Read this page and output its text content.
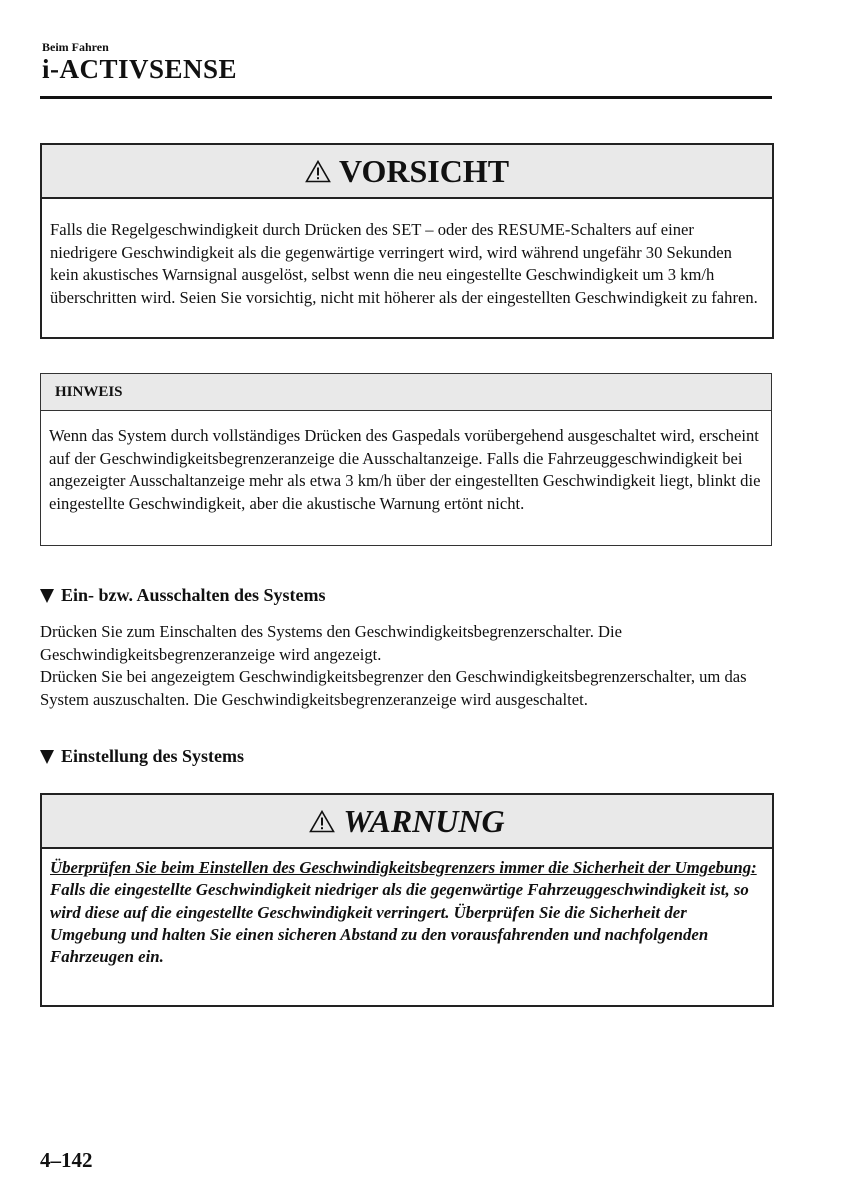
Beim Fahren
i-ACTIVSENSE
VORSICHT
Falls die Regelgeschwindigkeit durch Drücken des SET – oder des RESUME-Schalters auf einer niedrigere Geschwindigkeit als die gegenwärtige verringert wird, wird während ungefähr 30 Sekunden kein akustisches Warnsignal ausgelöst, selbst wenn die neu eingestellte Geschwindigkeit um 3 km/h überschritten wird. Seien Sie vorsichtig, nicht mit höherer als der eingestellten Geschwindigkeit zu fahren.
HINWEIS
Wenn das System durch vollständiges Drücken des Gaspedals vorübergehend ausgeschaltet wird, erscheint auf der Geschwindigkeitsbegrenzeranzeige die Ausschaltanzeige. Falls die Fahrzeuggeschwindigkeit bei angezeigter Ausschaltanzeige mehr als etwa 3 km/h über der eingestellten Geschwindigkeit liegt, blinkt die eingestellte Geschwindigkeit, aber die akustische Warnung ertönt nicht.
Ein- bzw. Ausschalten des Systems
Drücken Sie zum Einschalten des Systems den Geschwindigkeitsbegrenzerschalter. Die Geschwindigkeitsbegrenzeranzeige wird angezeigt.
Drücken Sie bei angezeigtem Geschwindigkeitsbegrenzer den Geschwindigkeitsbegrenzerschalter, um das System auszuschalten. Die Geschwindigkeitsbegrenzeranzeige wird ausgeschaltet.
Einstellung des Systems
WARNUNG
Überprüfen Sie beim Einstellen des Geschwindigkeitsbegrenzers immer die Sicherheit der Umgebung:
Falls die eingestellte Geschwindigkeit niedriger als die gegenwärtige Fahrzeuggeschwindigkeit ist, so wird diese auf die eingestellte Geschwindigkeit verringert. Überprüfen Sie die Sicherheit der Umgebung und halten Sie einen sicheren Abstand zu den vorausfahrenden und nachfolgenden Fahrzeugen ein.
4–142
